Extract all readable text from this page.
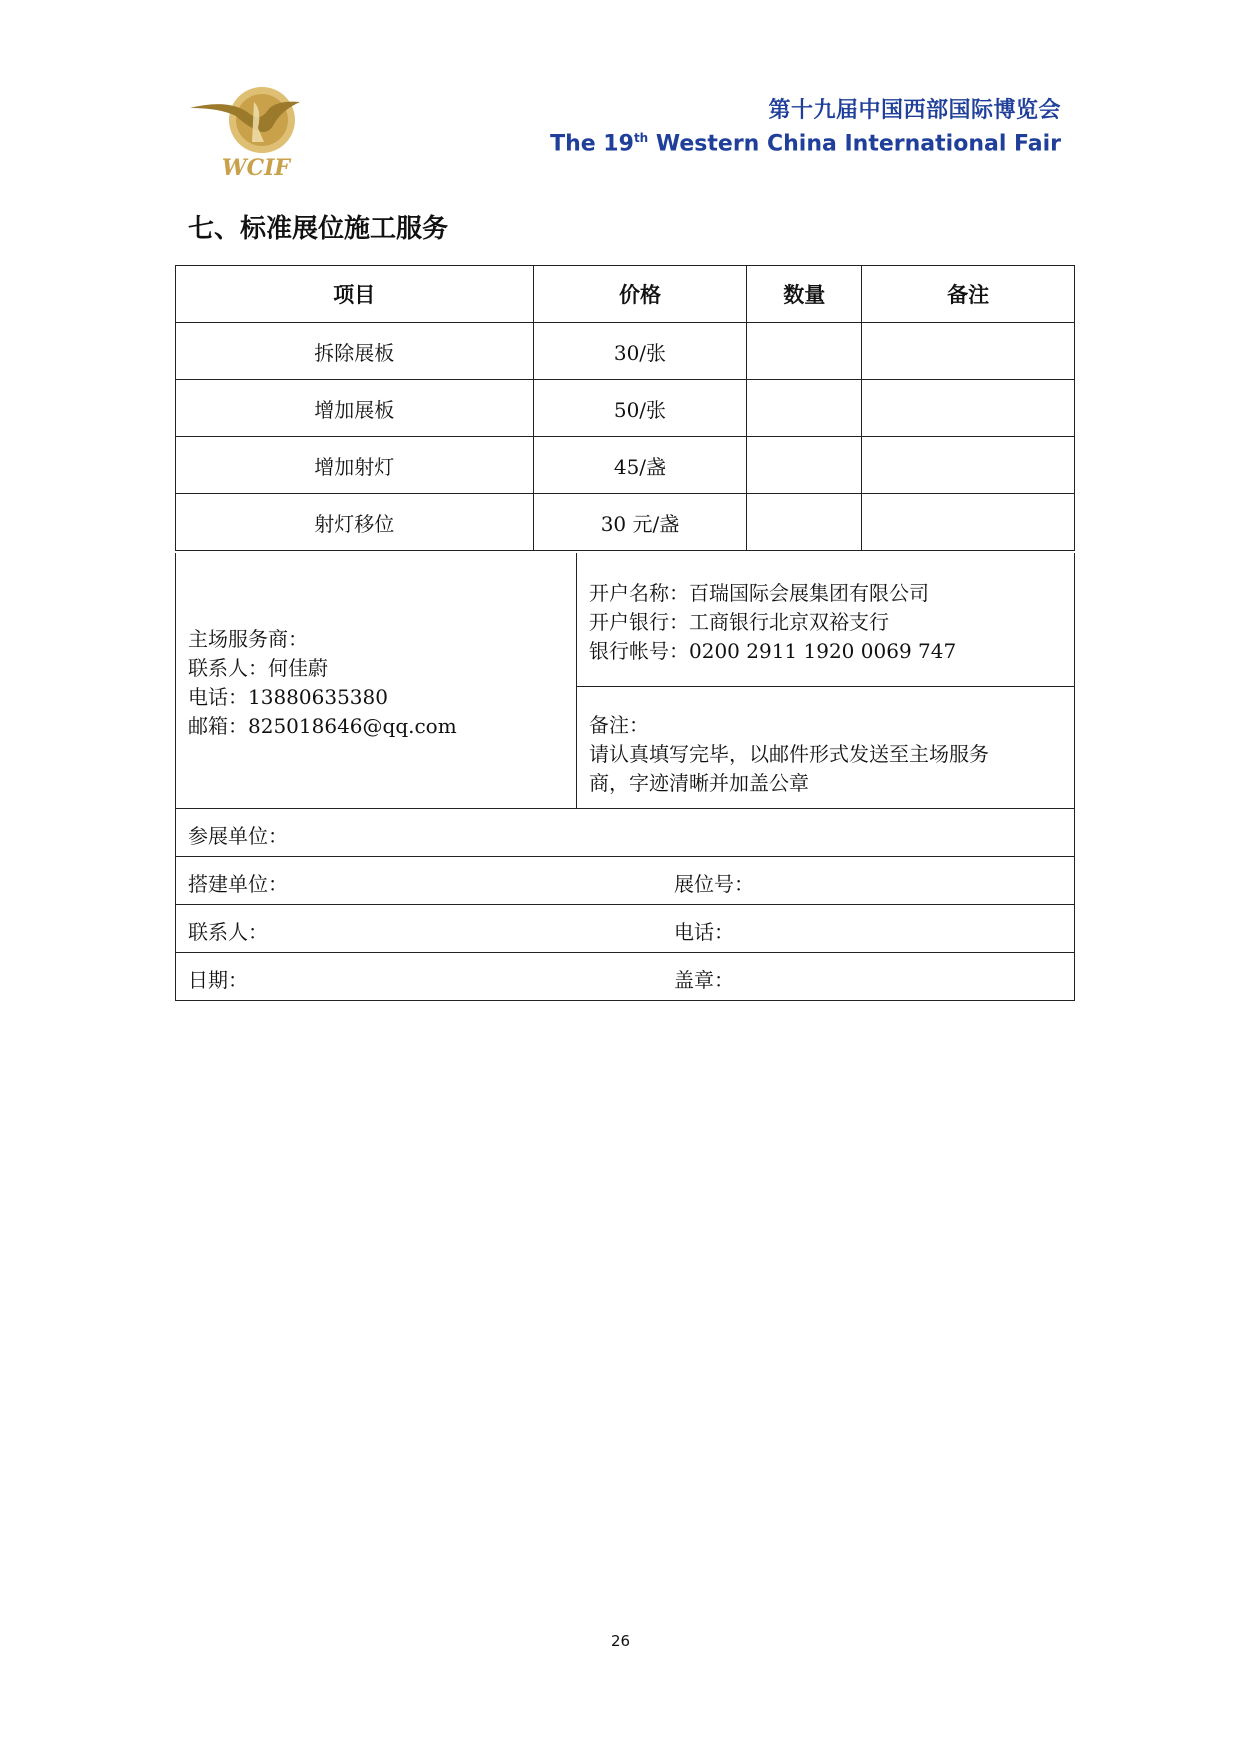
WCIF
第十九届中国西部国际博览会
The 19th Western China International Fair
七、标准展位施工服务
项目	价格	数量	备注
拆除展板	30/张		
增加展板	50/张		
增加射灯	45/盏		
射灯移位	30 元/盏		
主场服务商：
联系人：何佳蔚
电话：13880635380
邮箱：825018646@qq.com
开户名称：百瑞国际会展集团有限公司
开户银行：工商银行北京双裕支行
银行帐号：0200 2911 1920 0069 747
备注：
请认真填写完毕，以邮件形式发送至主场服务
商，字迹清晰并加盖公章
参展单位：
搭建单位：	展位号：
联系人：	电话：
日期：	盖章：
26
